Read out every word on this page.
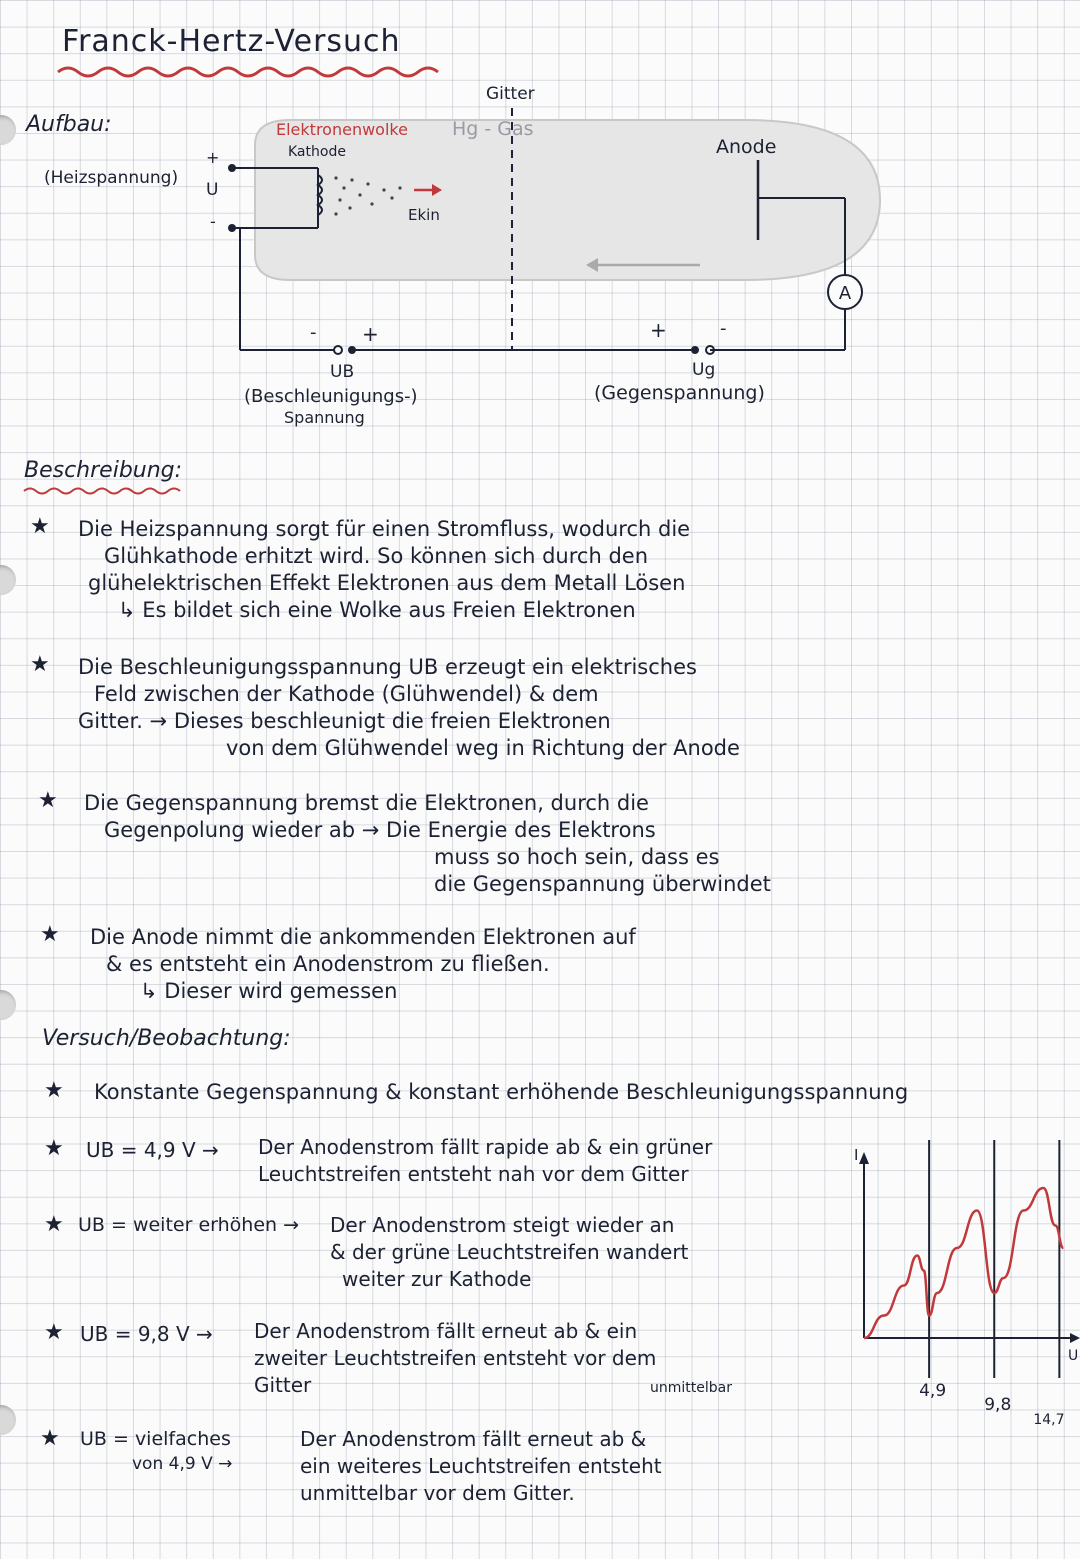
Franck-Hertz-Versuch
Aufbau:
A
(Heizspannung)
U
+
-
Gitter
Elektronenwolke Hg - Gas
Kathode
Ekin
Anode
- +
UB
(Beschleunigungs-)
Spannung
+	-
Ug
(Gegenspannung)
Beschreibung:
★ Die Heizspannung sorgt für einen Stromfluss, wodurch die
Glühkathode erhitzt wird. So können sich durch den
glühelektrischen Effekt Elektronen aus dem Metall Lösen
↳ Es bildet sich eine Wolke aus Freien Elektronen
★ Die Beschleunigungsspannung UB erzeugt ein elektrisches
Feld zwischen der Kathode (Glühwendel) & dem
Gitter. → Dieses beschleunigt die freien Elektronen
von dem Glühwendel weg in Richtung der Anode
★ Die Gegenspannung bremst die Elektronen, durch die
Gegenpolung wieder ab → Die Energie des Elektrons
muss so hoch sein, dass es
die Gegenspannung überwindet
★ Die Anode nimmt die ankommenden Elektronen auf
& es entsteht ein Anodenstrom zu fließen.
↳ Dieser wird gemessen
Versuch/Beobachtung:
★ Konstante Gegenspannung & konstant erhöhende Beschleunigungsspannung
★ UB = 4,9 V → Der Anodenstrom fällt rapide ab & ein grüner
Leuchtstreifen entsteht nah vor dem Gitter
★ UB = weiter erhöhen → Der Anodenstrom steigt wieder an
& der grüne Leuchtstreifen wandert
weiter zur Kathode
★ UB = 9,8 V → Der Anodenstrom fällt erneut ab & ein
zweiter Leuchtstreifen entsteht vor dem
Gitter	unmittelbar
★ UB = vielfaches
von 4,9 V →
Der Anodenstrom fällt erneut ab &
ein weiteres Leuchtstreifen entsteht
unmittelbar vor dem Gitter.
I
U
4,9
9,8
14,7
